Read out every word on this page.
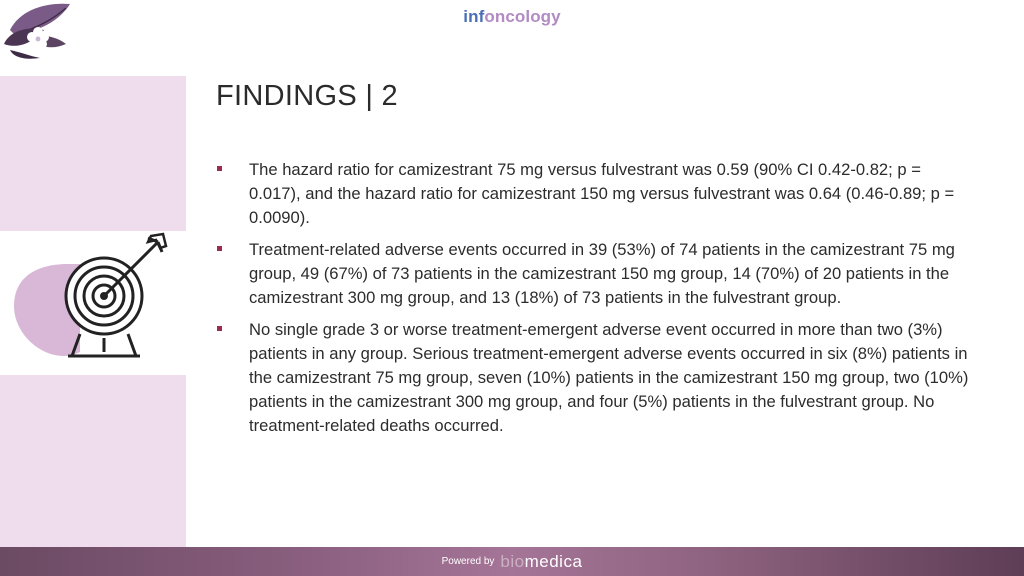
infoncology
FINDINGS | 2
The hazard ratio for camizestrant 75 mg versus fulvestrant was 0.59 (90% CI 0.42-0.82; p = 0.017), and the hazard ratio for camizestrant 150 mg versus fulvestrant was 0.64 (0.46-0.89; p = 0.0090).
Treatment-related adverse events occurred in 39 (53%) of 74 patients in the camizestrant 75 mg group, 49 (67%) of 73 patients in the camizestrant 150 mg group, 14 (70%) of 20 patients in the camizestrant 300 mg group, and 13 (18%) of 73 patients in the fulvestrant group.
No single grade 3 or worse treatment-emergent adverse event occurred in more than two (3%) patients in any group. Serious treatment-emergent adverse events occurred in six (8%) patients in the camizestrant 75 mg group, seven (10%) patients in the camizestrant 150 mg group, two (10%) patients in the camizestrant 300 mg group, and four (5%) patients in the fulvestrant group. No treatment-related deaths occurred.
Powered by biomedica
